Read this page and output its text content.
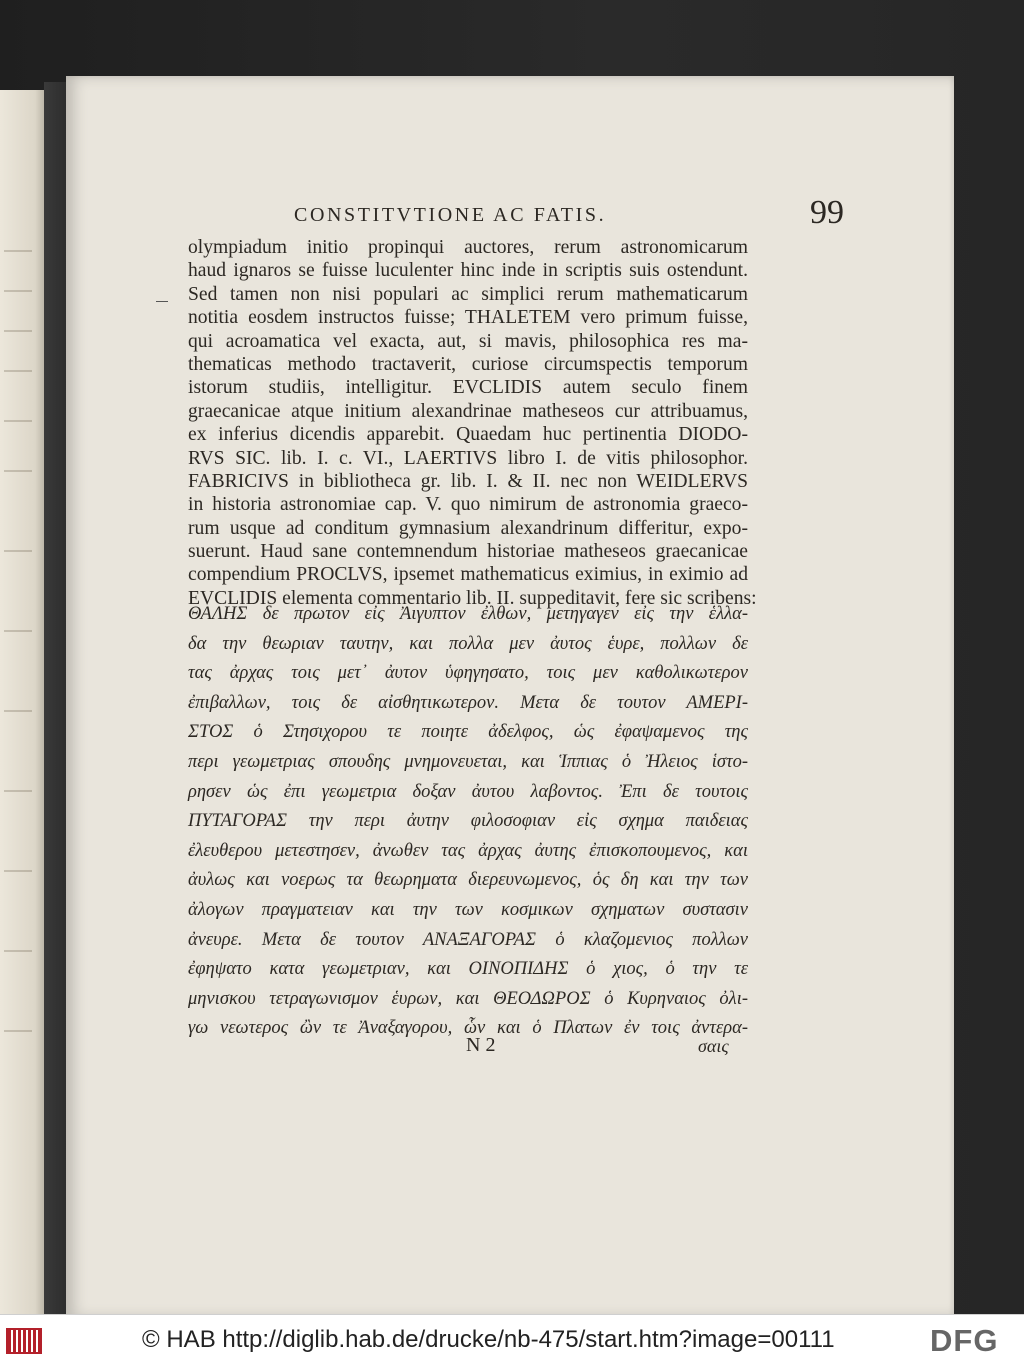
CONSTITVTIONE AC FATIS.	99
olympiadum initio propinqui auctores, rerum astronomicarum
haud ignaros se fuisse luculenter hinc inde in scriptis suis ostendunt.
Sed tamen non nisi populari ac simplici rerum mathematicarum
notitia eosdem instructos fuisse; THALETEM vero primum fuisse,
qui acroamatica vel exacta, aut, si mavis, philosophica res ma-
thematicas methodo tractaverit, curiose circumspectis temporum
istorum studiis, intelligitur. EVCLIDIS autem seculo finem
graecanicae atque initium alexandrinae matheseos cur attribuamus,
ex inferius dicendis apparebit. Quaedam huc pertinentia DIODO-
RVS SIC. lib. I. c. VI., LAERTIVS libro I. de vitis philosophor.
FABRICIVS in bibliotheca gr. lib. I. & II. nec non WEIDLERVS
in historia astronomiae cap. V. quo nimirum de astronomia graeco-
rum usque ad conditum gymnasium alexandrinum differitur, expo-
suerunt. Haud sane contemnendum historiae matheseos graecanicae
compendium PROCLVS, ipsemet mathematicus eximius, in eximio ad
EVCLIDIS elementa commentario lib. II. suppeditavit, fere sic scribens:
ΘΑΛΗΣ δε πρωτον εἰς Ἀιγυπτον ἐλθων, μετηγαγεν εἰς την ἑλλα-
δα την θεωριαν ταυτην, και πολλα μεν ἀυτος ἑυρε, πολλων δε
τας ἀρχας τοις μετ᾽ ἀυτον ὑφηγησατο, τοις μεν καθολικωτερον
ἐπιβαλλων, τοις δε αἰσθητικωτερον. Μετα δε τουτον ΑΜΕΡΙ-
ΣΤΟΣ ὁ Στησιχορου τε ποιητε ἀδελφος, ὡς ἐφαψαμενος της
περι γεωμετριας σπουδης μνημονευεται, και Ἱππιας ὁ Ἠλειος ἱστο-
ρησεν ὡς ἐπι γεωμετρια δοξαν ἀυτου λαβοντος. Ἐπι δε τουτοις
ΠΥΤΑΓΟΡΑΣ την περι ἀυτην φιλοσοφιαν εἰς σχημα παιδειας
ἐλευθερου μετεστησεν, ἀνωθεν τας ἀρχας ἀυτης ἐπισκοπουμενος, και
ἀυλως και νοερως τα θεωρηματα διερευνωμενος, ὁς δη και την των
ἀλογων πραγματειαν και την των κοσμικων σχηματων συστασιν
ἀνευρε. Μετα δε τουτον ΑΝΑΞΑΓΟΡΑΣ ὁ κλαζομενιος πολλων
ἐφηψατο κατα γεωμετριαν, και ΟΙΝΟΠΙΔΗΣ ὁ χιος, ὁ την τε
μηνισκου τετραγωνισμον ἑυρων, και ΘΕΟΔΩΡΟΣ ὁ Κυρηναιος ὀλι-
γω νεωτερος ὢν τε Ἀναξαγορου, ὧν και ὁ Πλατων ἐν τοις ἀντερα-
N 2	σαις
© HAB http://diglib.hab.de/drucke/nb-475/start.htm?image=00111	DFG
